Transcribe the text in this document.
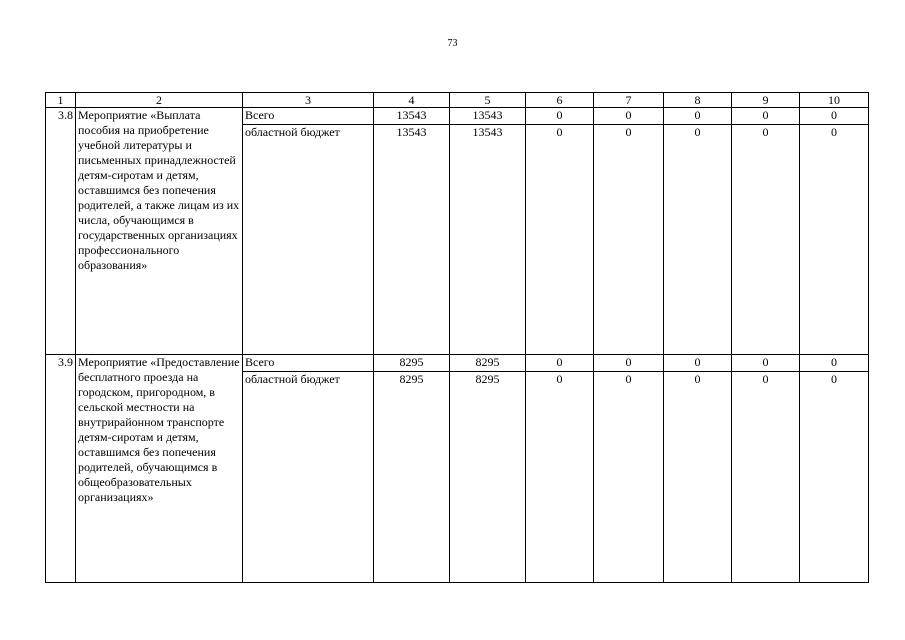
73
1	2	3	4	5	6	7	8	9	10
3.8	Мероприятие «Выплата пособия на приобретение учебной литературы и письменных принадлежностей детям-сиротам и детям, оставшимся без попечения родителей, а также лицам из их числа, обучающимся в государственных организациях профессионального образования»	Всего	13543	13543	0	0	0	0	0
		областной бюджет	13543	13543	0	0	0	0	0
3.9	Мероприятие «Предоставление бесплатного проезда на городском, пригородном, в сельской местности на внутрирайонном транспорте детям-сиротам и детям, оставшимся без попечения родителей, обучающимся в общеобразовательных организациях»	Всего	8295	8295	0	0	0	0	0
		областной бюджет	8295	8295	0	0	0	0	0
